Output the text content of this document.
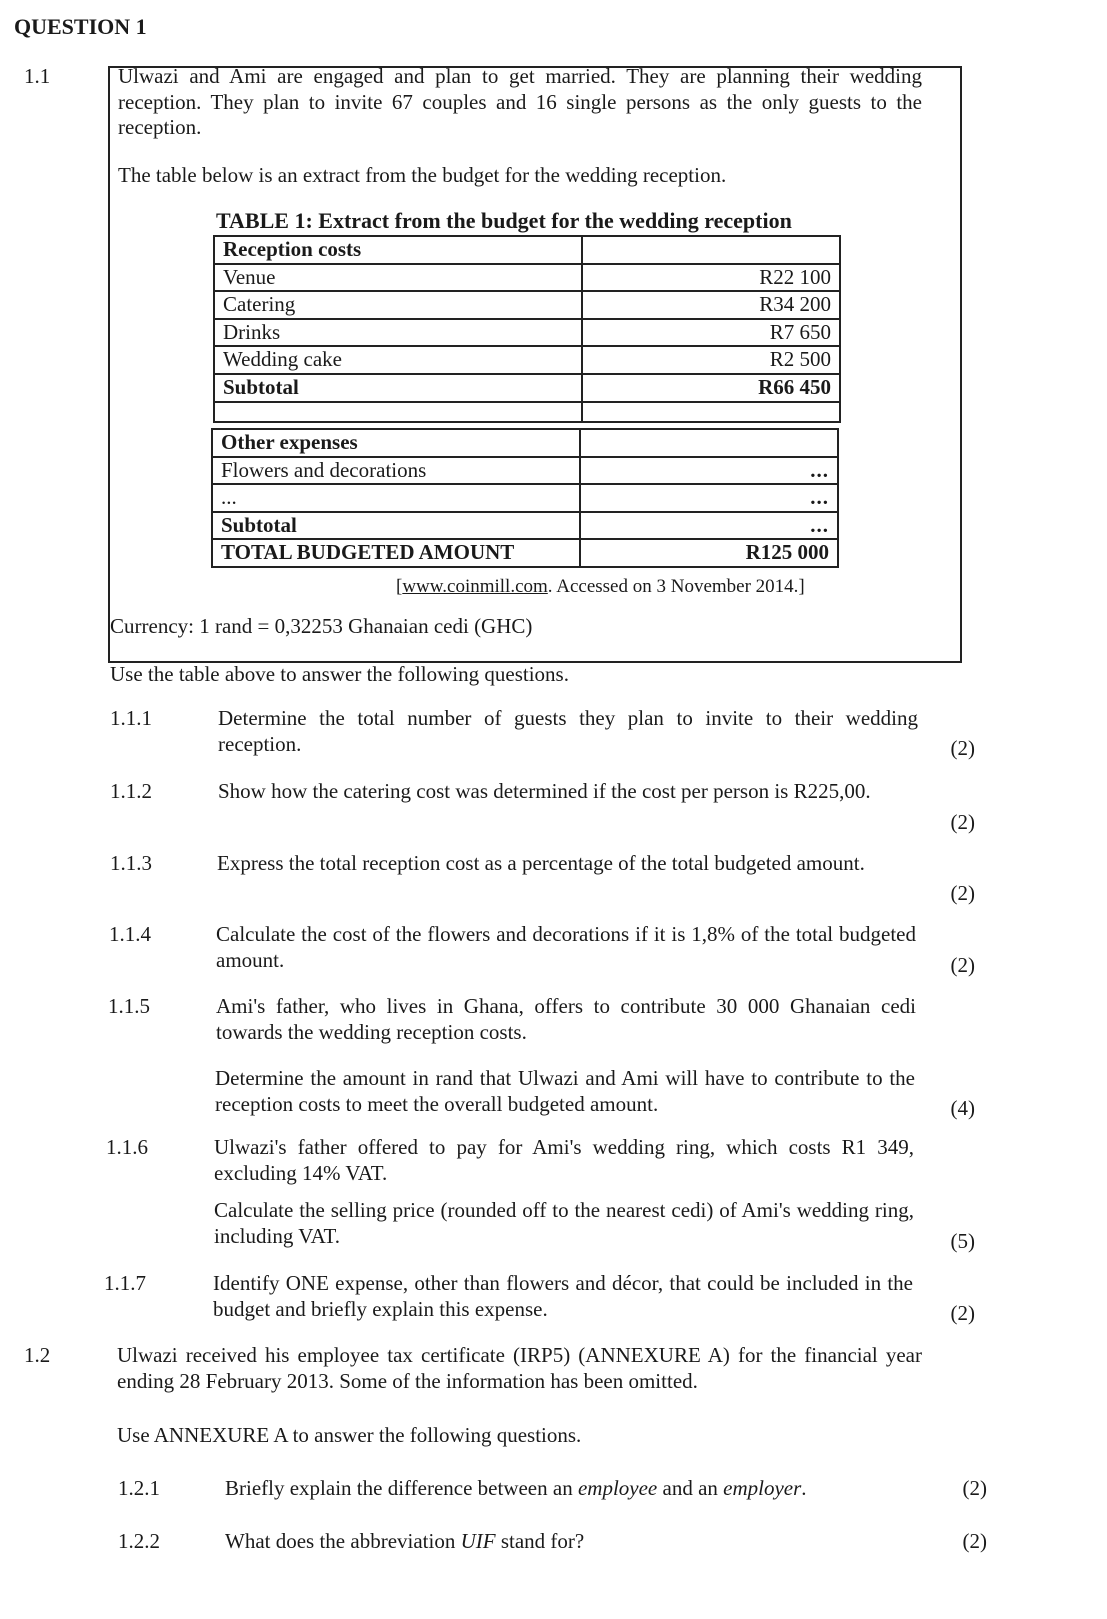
QUESTION 1
1.1	Ulwazi and Ami are engaged and plan to get married. They are planning their wedding reception. They plan to invite 67 couples and 16 single persons as the only guests to the reception.
The table below is an extract from the budget for the wedding reception.
TABLE 1: Extract from the budget for the wedding reception
Reception costs	
Venue	R22 100
Catering	R34 200
Drinks	R7 650
Wedding cake	R2 500
Subtotal	R66 450

Other expenses	
Flowers and decorations	...
...	...
Subtotal	...
TOTAL BUDGETED AMOUNT	R125 000
[www.coinmill.com. Accessed on 3 November 2014.]
Currency: 1 rand = 0,32253 Ghanaian cedi (GHC)
Use the table above to answer the following questions.
1.1.1	Determine the total number of guests they plan to invite to their wedding reception.	(2)
1.1.2	Show how the catering cost was determined if the cost per person is R225,00.
(2)
1.1.3	Express the total reception cost as a percentage of the total budgeted amount.
(2)
1.1.4	Calculate the cost of the flowers and decorations if it is 1,8% of the total budgeted amount.	(2)
1.1.5	Ami's father, who lives in Ghana, offers to contribute 30 000 Ghanaian cedi towards the wedding reception costs.
Determine the amount in rand that Ulwazi and Ami will have to contribute to the reception costs to meet the overall budgeted amount.	(4)
1.1.6	Ulwazi's father offered to pay for Ami's wedding ring, which costs R1 349, excluding 14% VAT.
Calculate the selling price (rounded off to the nearest cedi) of Ami's wedding ring, including VAT.	(5)
1.1.7	Identify ONE expense, other than flowers and décor, that could be included in the budget and briefly explain this expense.	(2)
1.2	Ulwazi received his employee tax certificate (IRP5) (ANNEXURE A) for the financial year ending 28 February 2013. Some of the information has been omitted.
Use ANNEXURE A to answer the following questions.
1.2.1	Briefly explain the difference between an employee and an employer.	(2)
1.2.2	What does the abbreviation UIF stand for?	(2)
